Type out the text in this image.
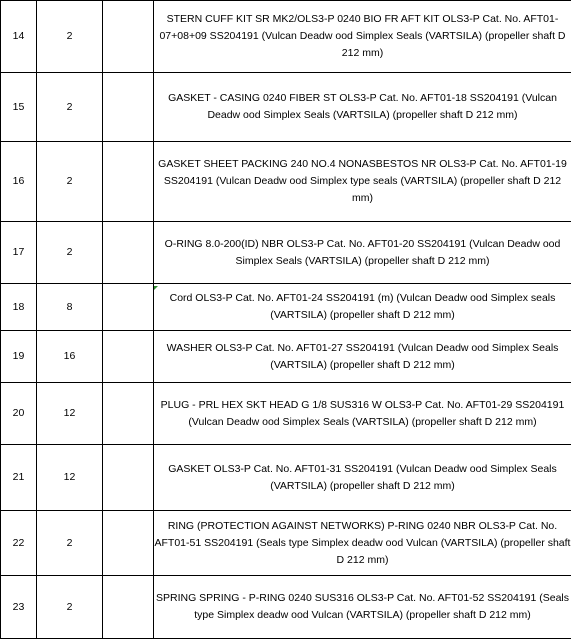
14	2		STERN CUFF KIT SR MK2/OLS3-P 0240 BIO FR AFT KIT OLS3-P Cat. No. AFT01-07+08+09 SS204191 (Vulcan Deadw ood Simplex Seals (VARTSILA) (propeller shaft D 212 mm)
15	2		GASKET - CASING 0240 FIBER ST OLS3-P Cat. No. AFT01-18 SS204191 (Vulcan Deadw ood Simplex Seals (VARTSILA) (propeller shaft D 212 mm)
16	2		GASKET SHEET PACKING 240 NO.4 NONASBESTOS NR OLS3-P Cat. No. AFT01-19 SS204191 (Vulcan Deadw ood Simplex type seals (VARTSILA) (propeller shaft D 212 mm)
17	2		O-RING 8.0-200(ID) NBR OLS3-P Cat. No. AFT01-20 SS204191 (Vulcan Deadw ood Simplex Seals (VARTSILA) (propeller shaft D 212 mm)
18	8		Cord OLS3-P Cat. No. AFT01-24 SS204191 (m) (Vulcan Deadw ood Simplex seals (VARTSILA) (propeller shaft D 212 mm)
19	16		WASHER OLS3-P Cat. No. AFT01-27 SS204191 (Vulcan Deadw ood Simplex Seals (VARTSILA) (propeller shaft D 212 mm)
20	12		PLUG - PRL HEX SKT HEAD G 1/8 SUS316 W OLS3-P Cat. No. AFT01-29 SS204191 (Vulcan Deadw ood Simplex Seals (VARTSILA) (propeller shaft D 212 mm)
21	12		GASKET OLS3-P Cat. No. AFT01-31 SS204191 (Vulcan Deadw ood Simplex Seals (VARTSILA) (propeller shaft D 212 mm)
22	2		RING (PROTECTION AGAINST NETWORKS) P-RING 0240 NBR OLS3-P Cat. No. AFT01-51 SS204191 (Seals type Simplex deadw ood Vulcan (VARTSILA) (propeller shaft D 212 mm)
23	2		SPRING SPRING - P-RING 0240 SUS316 OLS3-P Cat. No. AFT01-52 SS204191 (Seals type Simplex deadw ood Vulcan (VARTSILA) (propeller shaft D 212 mm)
